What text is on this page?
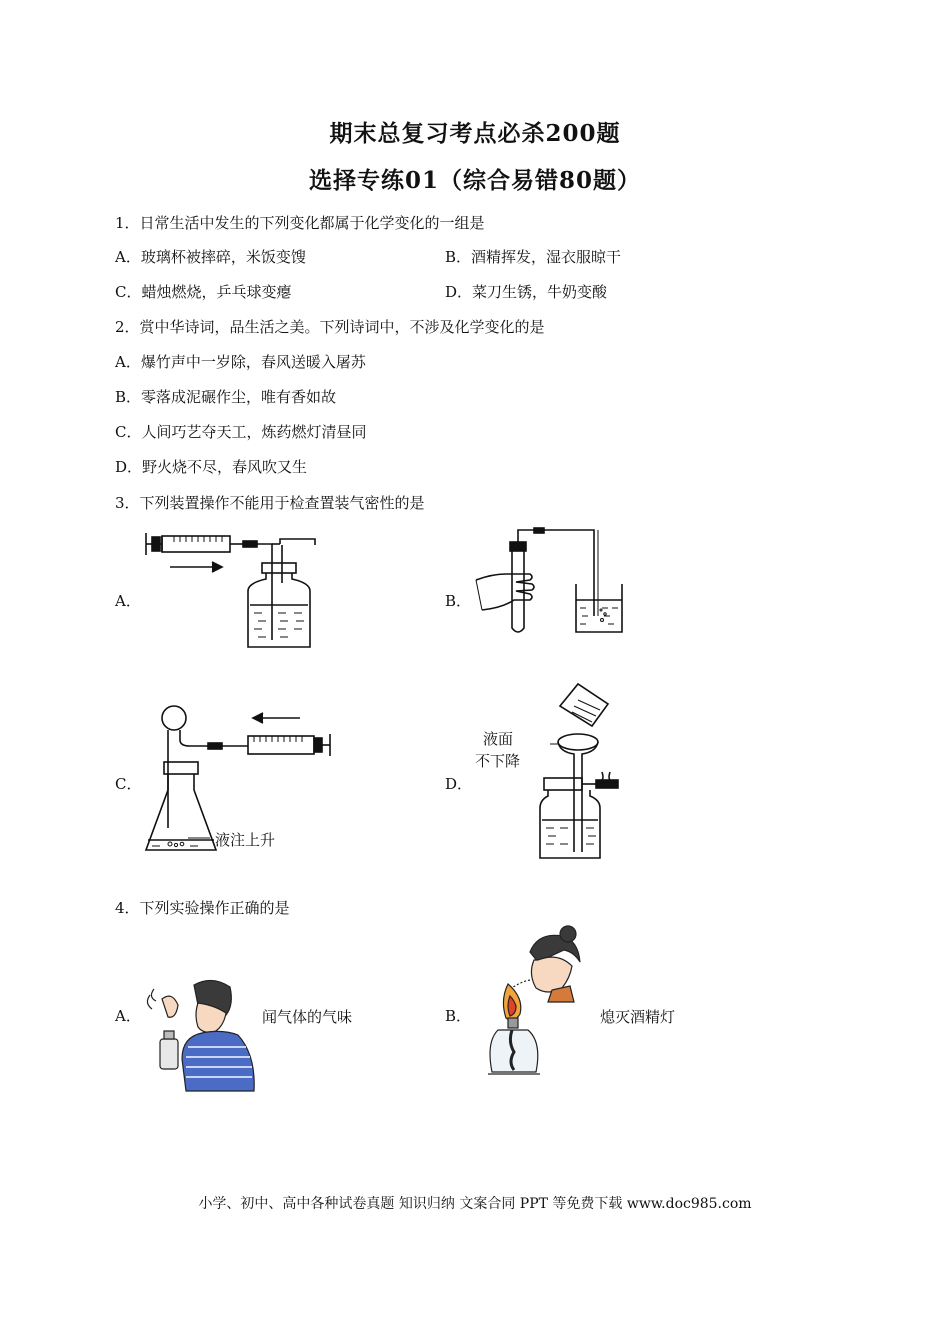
期末总复习考点必杀200题
选择专练01（综合易错80题）
1．日常生活中发生的下列变化都属于化学变化的一组是
A．玻璃杯被摔碎，米饭变馊	B．酒精挥发，湿衣服晾干
C．蜡烛燃烧，乒乓球变瘪	D．菜刀生锈，牛奶变酸
2．赏中华诗词，品生活之美。下列诗词中，不涉及化学变化的是
A．爆竹声中一岁除，春风送暖入屠苏
B．零落成泥碾作尘，唯有香如故
C．人间巧艺夺天工，炼药燃灯清昼同
D．野火烧不尽，春风吹又生
3．下列装置操作不能用于检查置装气密性的是
A．	B．
C．
液注上升
D．
液面
不下降
4．下列实验操作正确的是
A．	闻气体的气味	B．	熄灭酒精灯
小学、初中、高中各种试卷真题 知识归纳 文案合同 PPT 等免费下载 www.doc985.com
